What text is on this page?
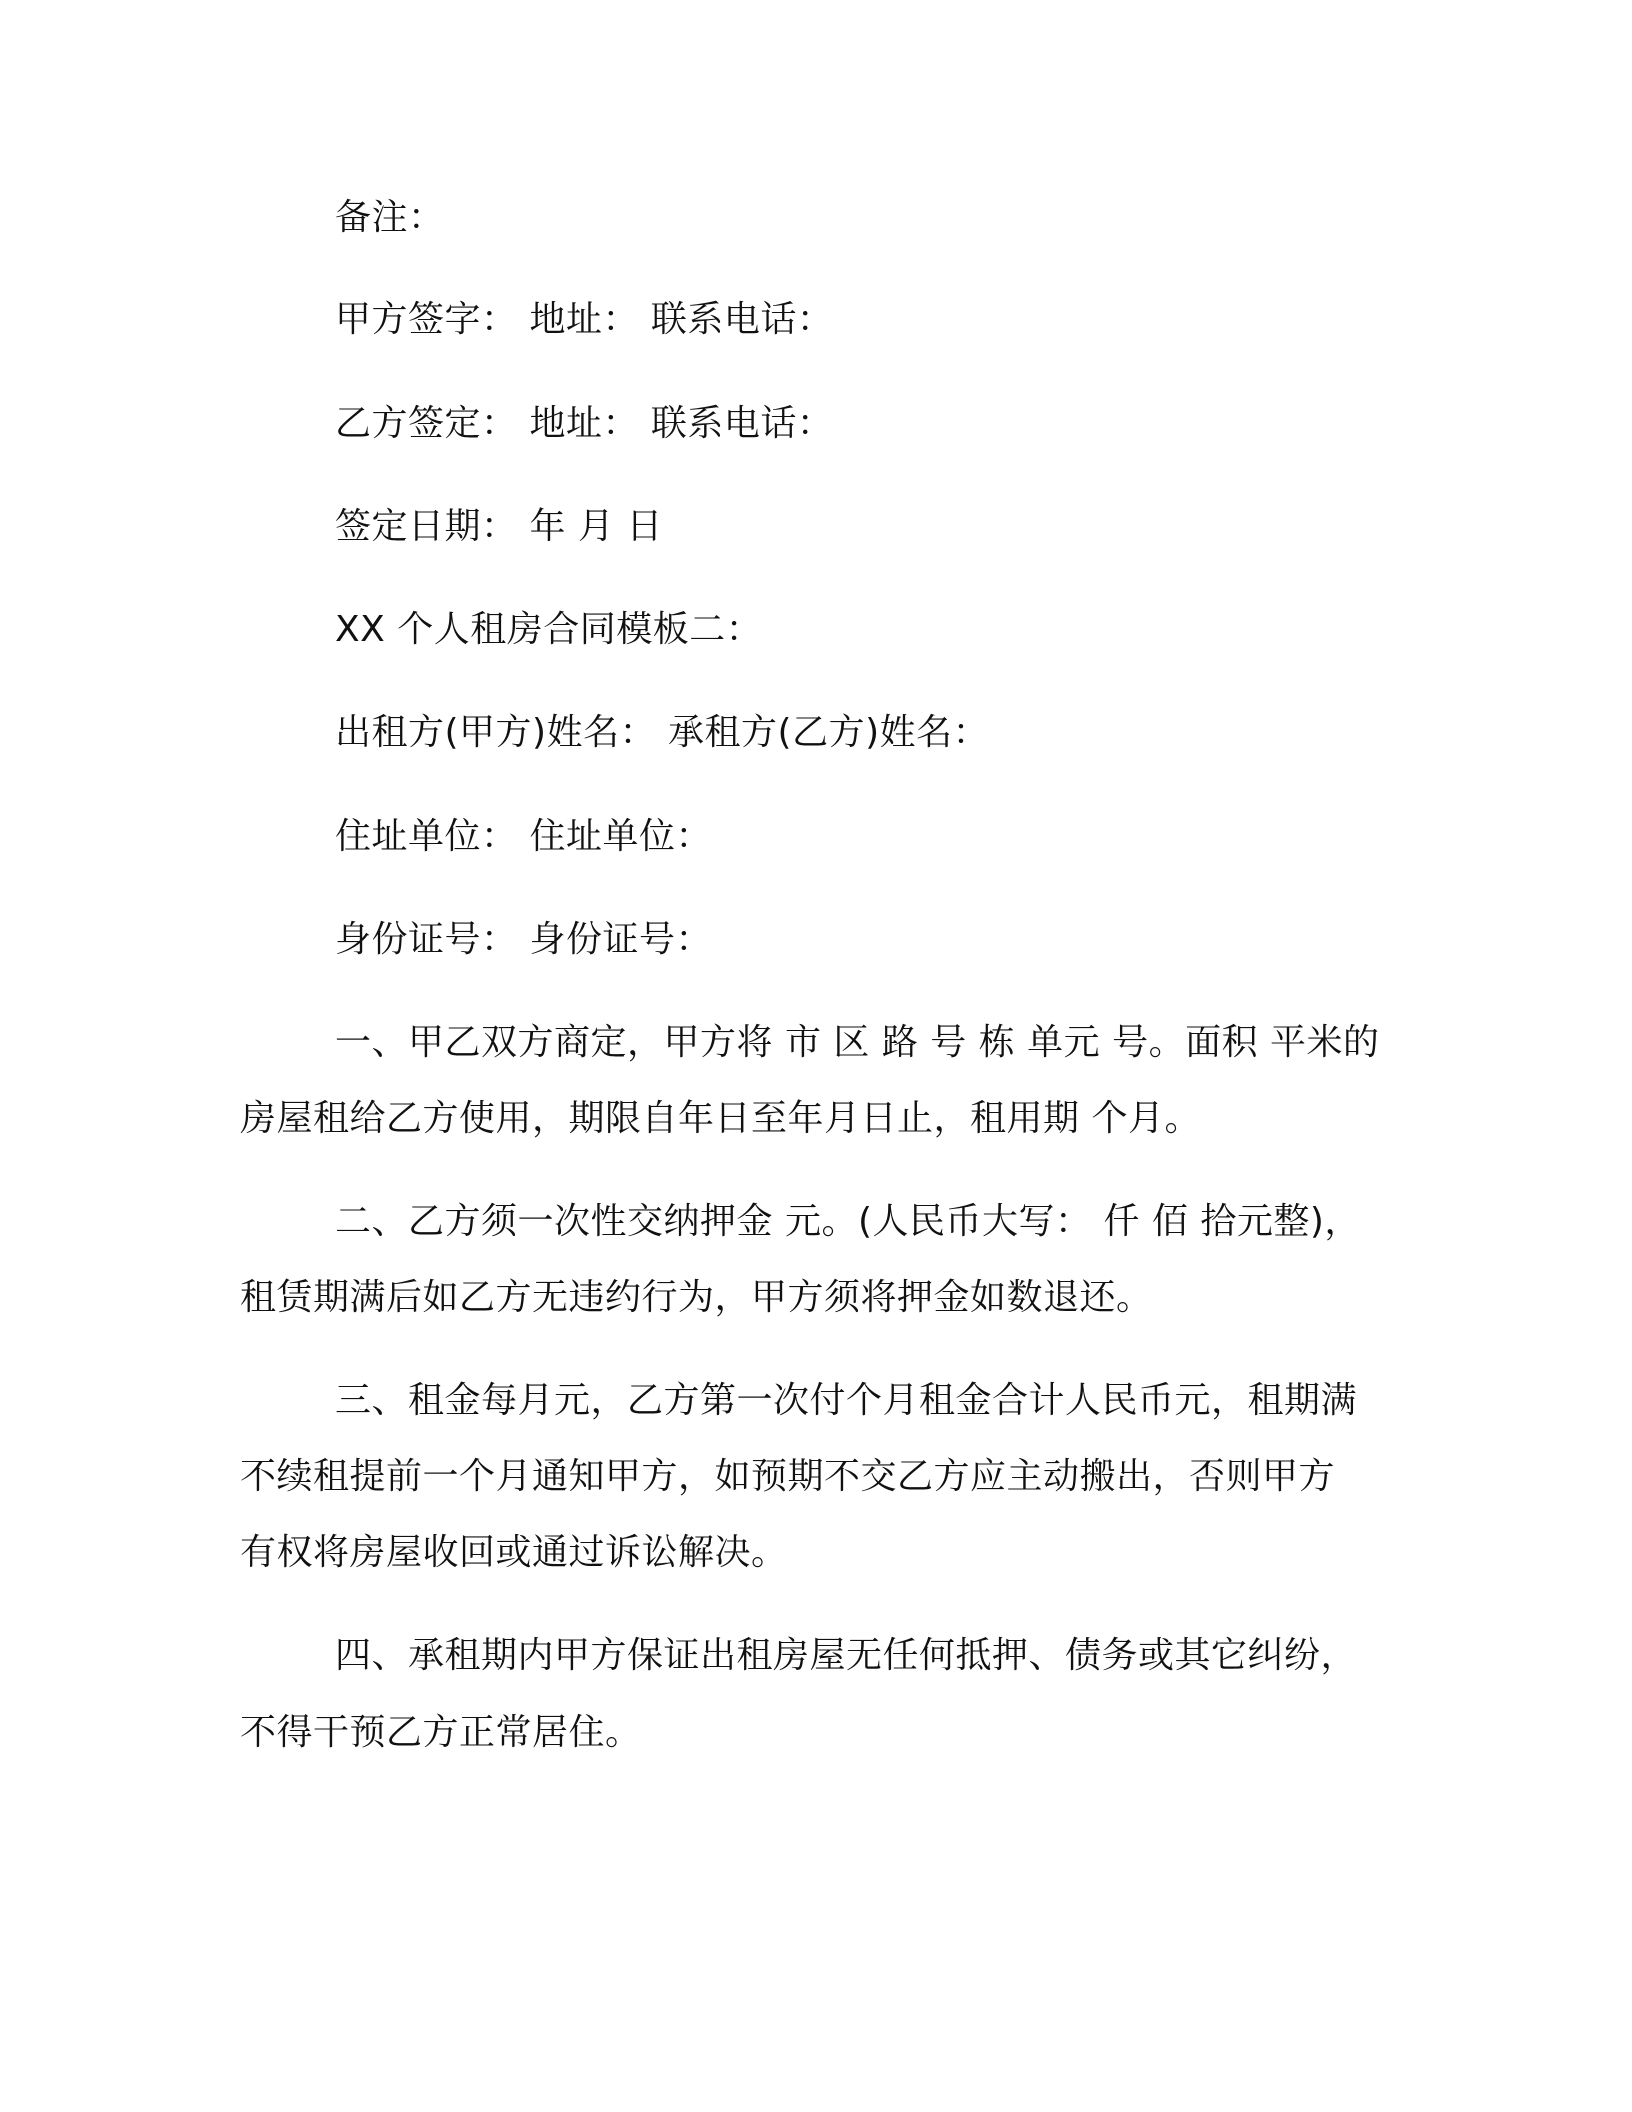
备注：
甲方签字： 地址： 联系电话：
乙方签定： 地址： 联系电话：
签定日期： 年 月 日
XX 个人租房合同模板二：
出租方(甲方)姓名： 承租方(乙方)姓名：
住址单位： 住址单位：
身份证号： 身份证号：
一、甲乙双方商定，甲方将 市 区 路 号 栋 单元 号。面积 平米的
房屋租给乙方使用，期限自年日至年月日止，租用期 个月。
二、乙方须一次性交纳押金 元。(人民币大写： 仟 佰 拾元整)，
租赁期满后如乙方无违约行为，甲方须将押金如数退还。
三、租金每月元，乙方第一次付个月租金合计人民币元，租期满
不续租提前一个月通知甲方，如预期不交乙方应主动搬出，否则甲方
有权将房屋收回或通过诉讼解决。
四、承租期内甲方保证出租房屋无任何抵押、债务或其它纠纷，
不得干预乙方正常居住。
